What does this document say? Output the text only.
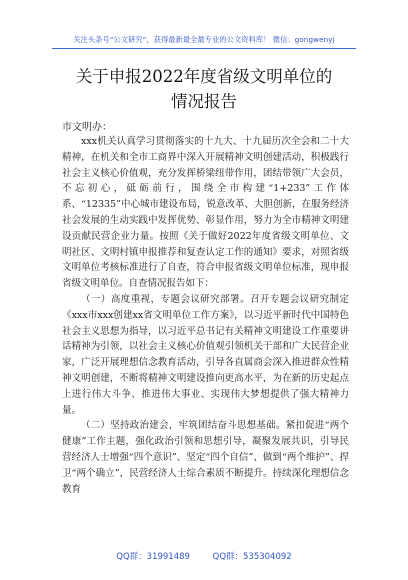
关注头条号“公文研究”，获得最新最全最专业的公文资料库！ 微信：gongwenyj
关于申报2022年度省级文明单位的情况报告
市文明办：

xxx机关认真学习贯彻落实的十九大、十九届历次全会和二十大精神，在机关和全市工商界中深入开展精神文明创建活动，积极践行社会主义核心价值观，充分发挥桥梁纽带作用，团结带领广大会员，不忘初心，砥砺前行，围绕全市构建“1+233”工作体系、“12335”中心城市建设布局，锐意改革、大胆创新，在服务经济社会发展的生动实践中发挥优势、彰显作用，努力为全市精神文明建设贡献民营企业力量。按照《关于做好2022年度省级文明单位、文明社区、文明村镇申报推荐和复查认定工作的通知》要求，对照省级文明单位考核标准进行了自查，符合申报省级文明单位标准，现申报省级文明单位。自查情况报告如下：

（一）高度重视，专题会议研究部署。召开专题会议研究制定《xxx市xxx创建xx省文明单位工作方案》，以习近平新时代中国特色社会主义思想为指导，以习近平总书记有关精神文明建设工作重要讲话精神为引领，以社会主义核心价值观引领机关干部和广大民营企业家，广泛开展理想信念教育活动，引导各直属商会深入推进群众性精神文明创建，不断将精神文明建设推向更高水平，为在新的历史起点上进行伟大斗争、推进伟大事业、实现伟大梦想提供了强大精神力量。

（二）坚持政治建会，牢筑团结奋斗思想基础。紧扣促进“两个健康”工作主题，强化政治引领和思想引导，凝聚发展共识，引导民营经济人士增强“四个意识”、坚定“四个自信”、做到“两个维护”、捍卫“两个确立”，民营经济人士综合素质不断提升。持续深化理想信念教育

QQ群：31991489	QQ群：535304092
